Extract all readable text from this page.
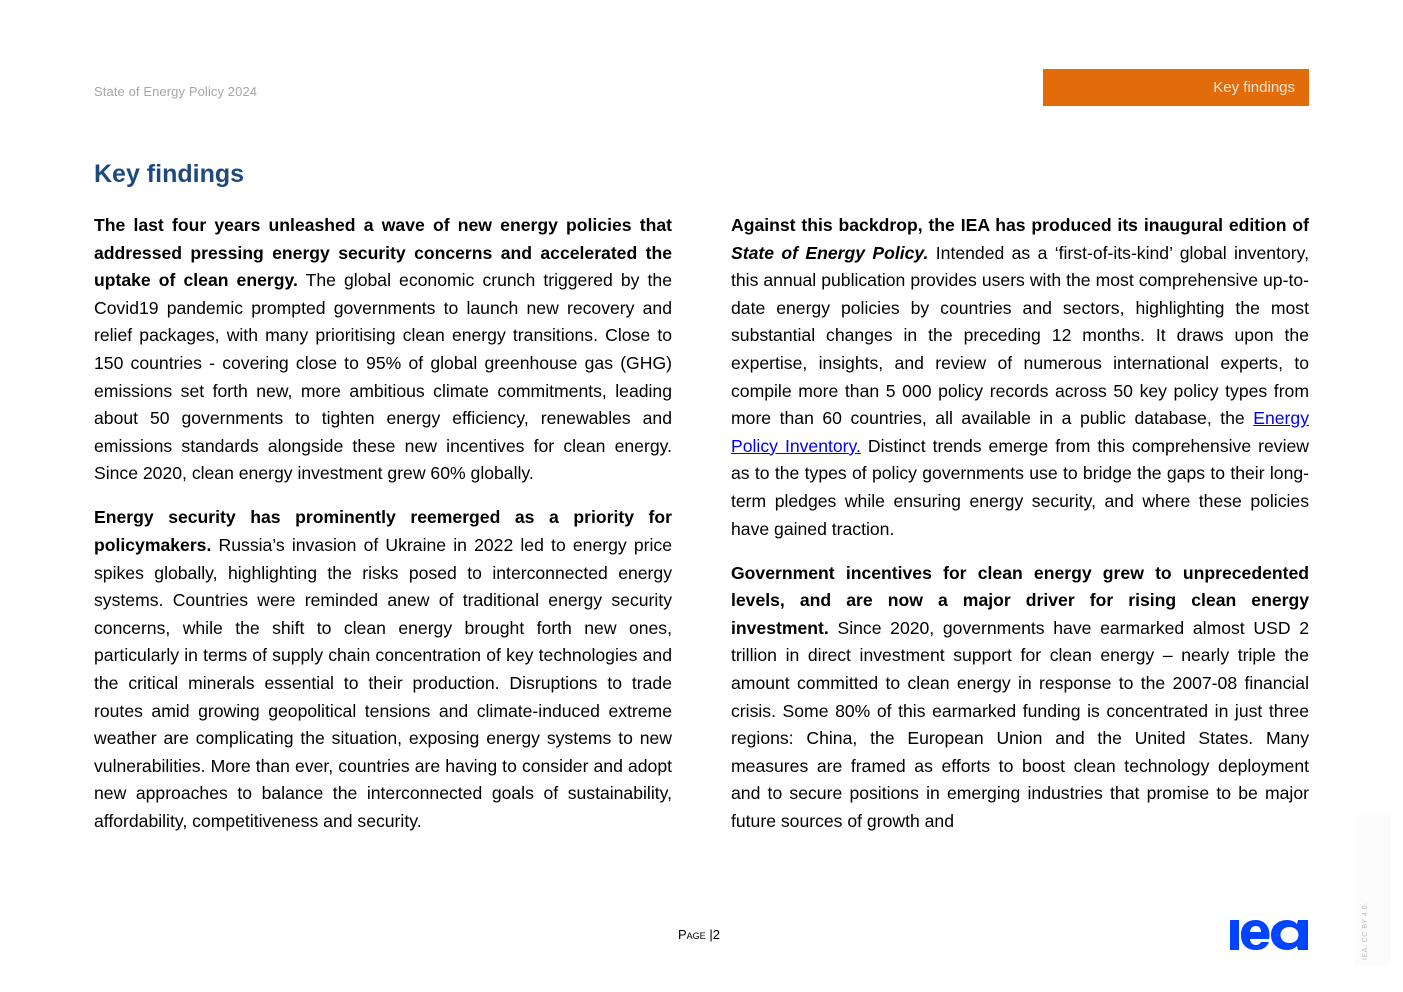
State of Energy Policy 2024	Key findings
Key findings

The last four years unleashed a wave of new energy policies that addressed pressing energy security concerns and accelerated the uptake of clean energy. The global economic crunch triggered by the Covid19 pandemic prompted governments to launch new recovery and relief packages, with many prioritising clean energy transitions. Close to 150 countries - covering close to 95% of global greenhouse gas (GHG) emissions set forth new, more ambitious climate commitments, leading about 50 governments to tighten energy efficiency, renewables and emissions standards alongside these new incentives for clean energy. Since 2020, clean energy investment grew 60% globally.

Energy security has prominently reemerged as a priority for policymakers. Russia’s invasion of Ukraine in 2022 led to energy price spikes globally, highlighting the risks posed to interconnected energy systems. Countries were reminded anew of traditional energy security concerns, while the shift to clean energy brought forth new ones, particularly in terms of supply chain concentration of key technologies and the critical minerals essential to their production. Disruptions to trade routes amid growing geopolitical tensions and climate-induced extreme weather are complicating the situation, exposing energy systems to new vulnerabilities. More than ever, countries are having to consider and adopt new approaches to balance the interconnected goals of sustainability, affordability, competitiveness and security.

Against this backdrop, the IEA has produced its inaugural edition of State of Energy Policy. Intended as a ‘first-of-its-kind’ global inventory, this annual publication provides users with the most comprehensive up-to-date energy policies by countries and sectors, highlighting the most substantial changes in the preceding 12 months. It draws upon the expertise, insights, and review of numerous international experts, to compile more than 5 000 policy records across 50 key policy types from more than 60 countries, all available in a public database, the Energy Policy Inventory. Distinct trends emerge from this comprehensive review as to the types of policy governments use to bridge the gaps to their long-term pledges while ensuring energy security, and where these policies have gained traction.

Government incentives for clean energy grew to unprecedented levels, and are now a major driver for rising clean energy investment. Since 2020, governments have earmarked almost USD 2 trillion in direct investment support for clean energy – nearly triple the amount committed to clean energy in response to the 2007-08 financial crisis. Some 80% of this earmarked funding is concentrated in just three regions: China, the European Union and the United States. Many measures are framed as efforts to boost clean technology deployment and to secure positions in emerging industries that promise to be major future sources of growth and

Page |2	IEA. CC BY 4.0.
